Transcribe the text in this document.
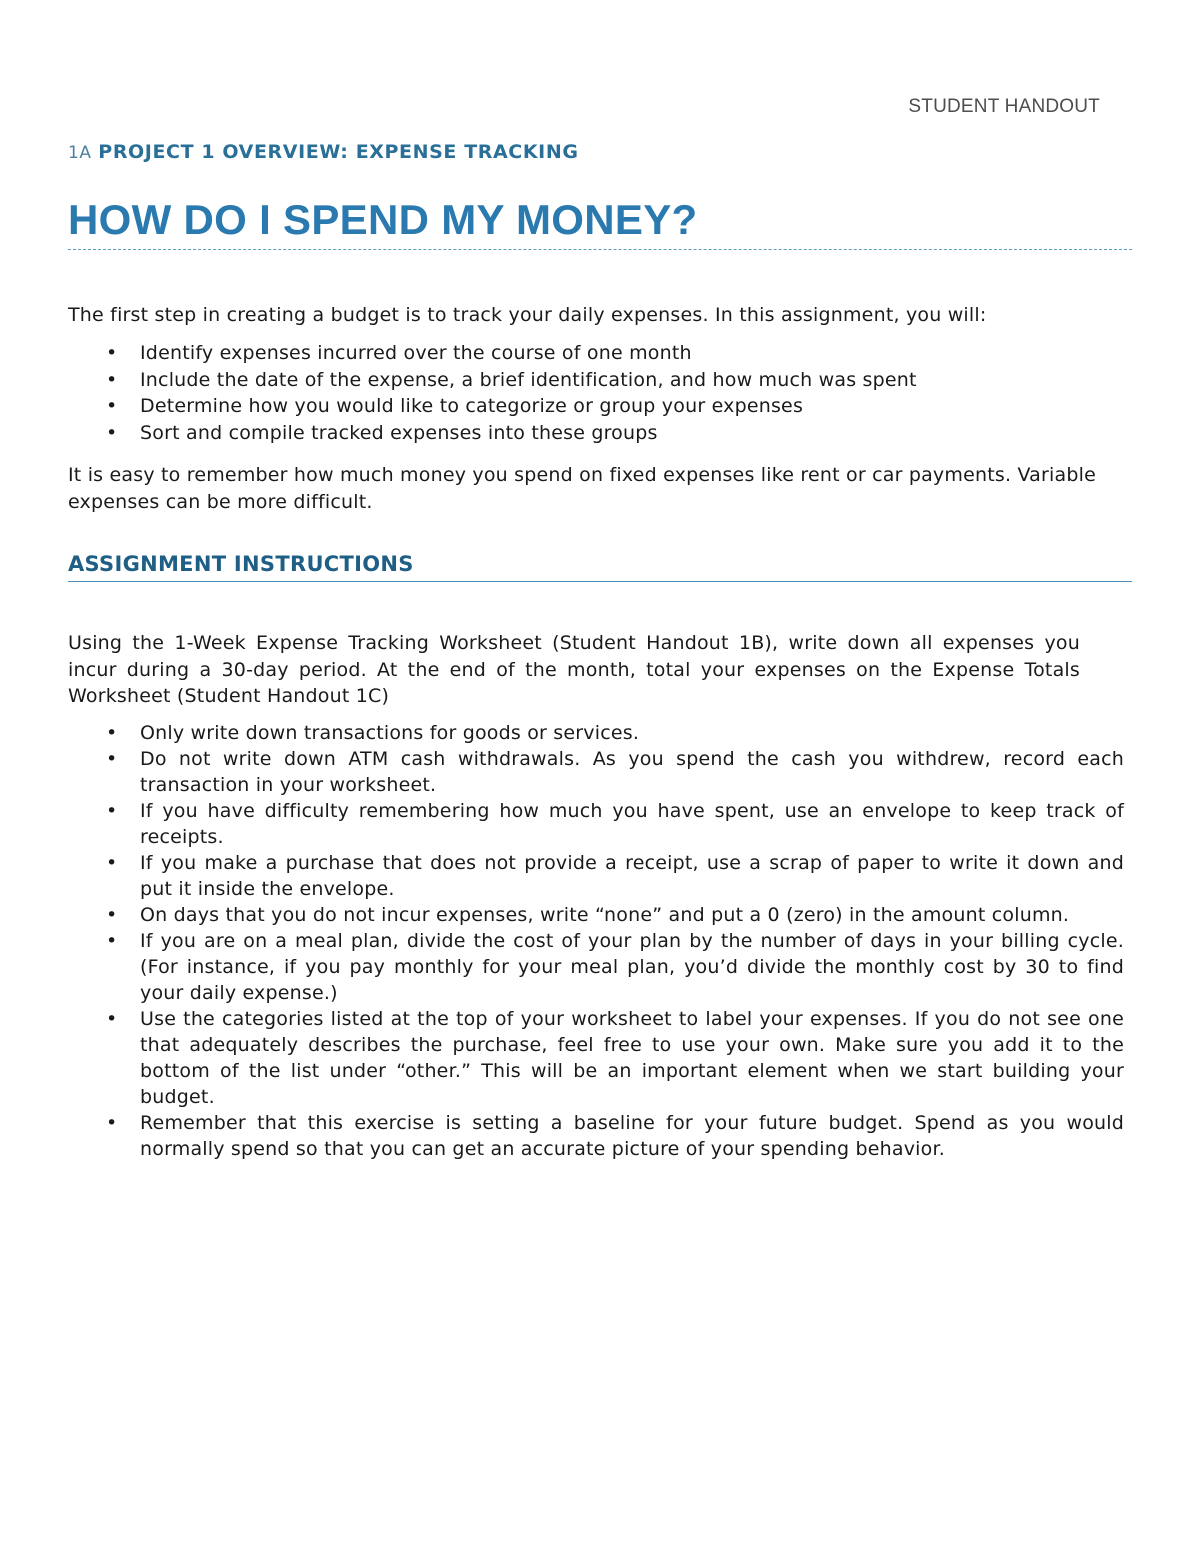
STUDENT HANDOUT

1A PROJECT 1 OVERVIEW: EXPENSE TRACKING

HOW DO I SPEND MY MONEY?

The first step in creating a budget is to track your daily expenses. In this assignment, you will:

• Identify expenses incurred over the course of one month
• Include the date of the expense, a brief identification, and how much was spent
• Determine how you would like to categorize or group your expenses
• Sort and compile tracked expenses into these groups

It is easy to remember how much money you spend on fixed expenses like rent or car payments. Variable expenses can be more difficult.

ASSIGNMENT INSTRUCTIONS

Using the 1-Week Expense Tracking Worksheet (Student Handout 1B), write down all expenses you incur during a 30-day period. At the end of the month, total your expenses on the Expense Totals Worksheet (Student Handout 1C)

• Only write down transactions for goods or services.
• Do not write down ATM cash withdrawals. As you spend the cash you withdrew, record each transaction in your worksheet.
• If you have difficulty remembering how much you have spent, use an envelope to keep track of receipts.
• If you make a purchase that does not provide a receipt, use a scrap of paper to write it down and put it inside the envelope.
• On days that you do not incur expenses, write “none” and put a 0 (zero) in the amount column.
• If you are on a meal plan, divide the cost of your plan by the number of days in your billing cycle. (For instance, if you pay monthly for your meal plan, you’d divide the monthly cost by 30 to find your daily expense.)
• Use the categories listed at the top of your worksheet to label your expenses. If you do not see one that adequately describes the purchase, feel free to use your own. Make sure you add it to the bottom of the list under “other.” This will be an important element when we start building your budget.
• Remember that this exercise is setting a baseline for your future budget. Spend as you would normally spend so that you can get an accurate picture of your spending behavior.
